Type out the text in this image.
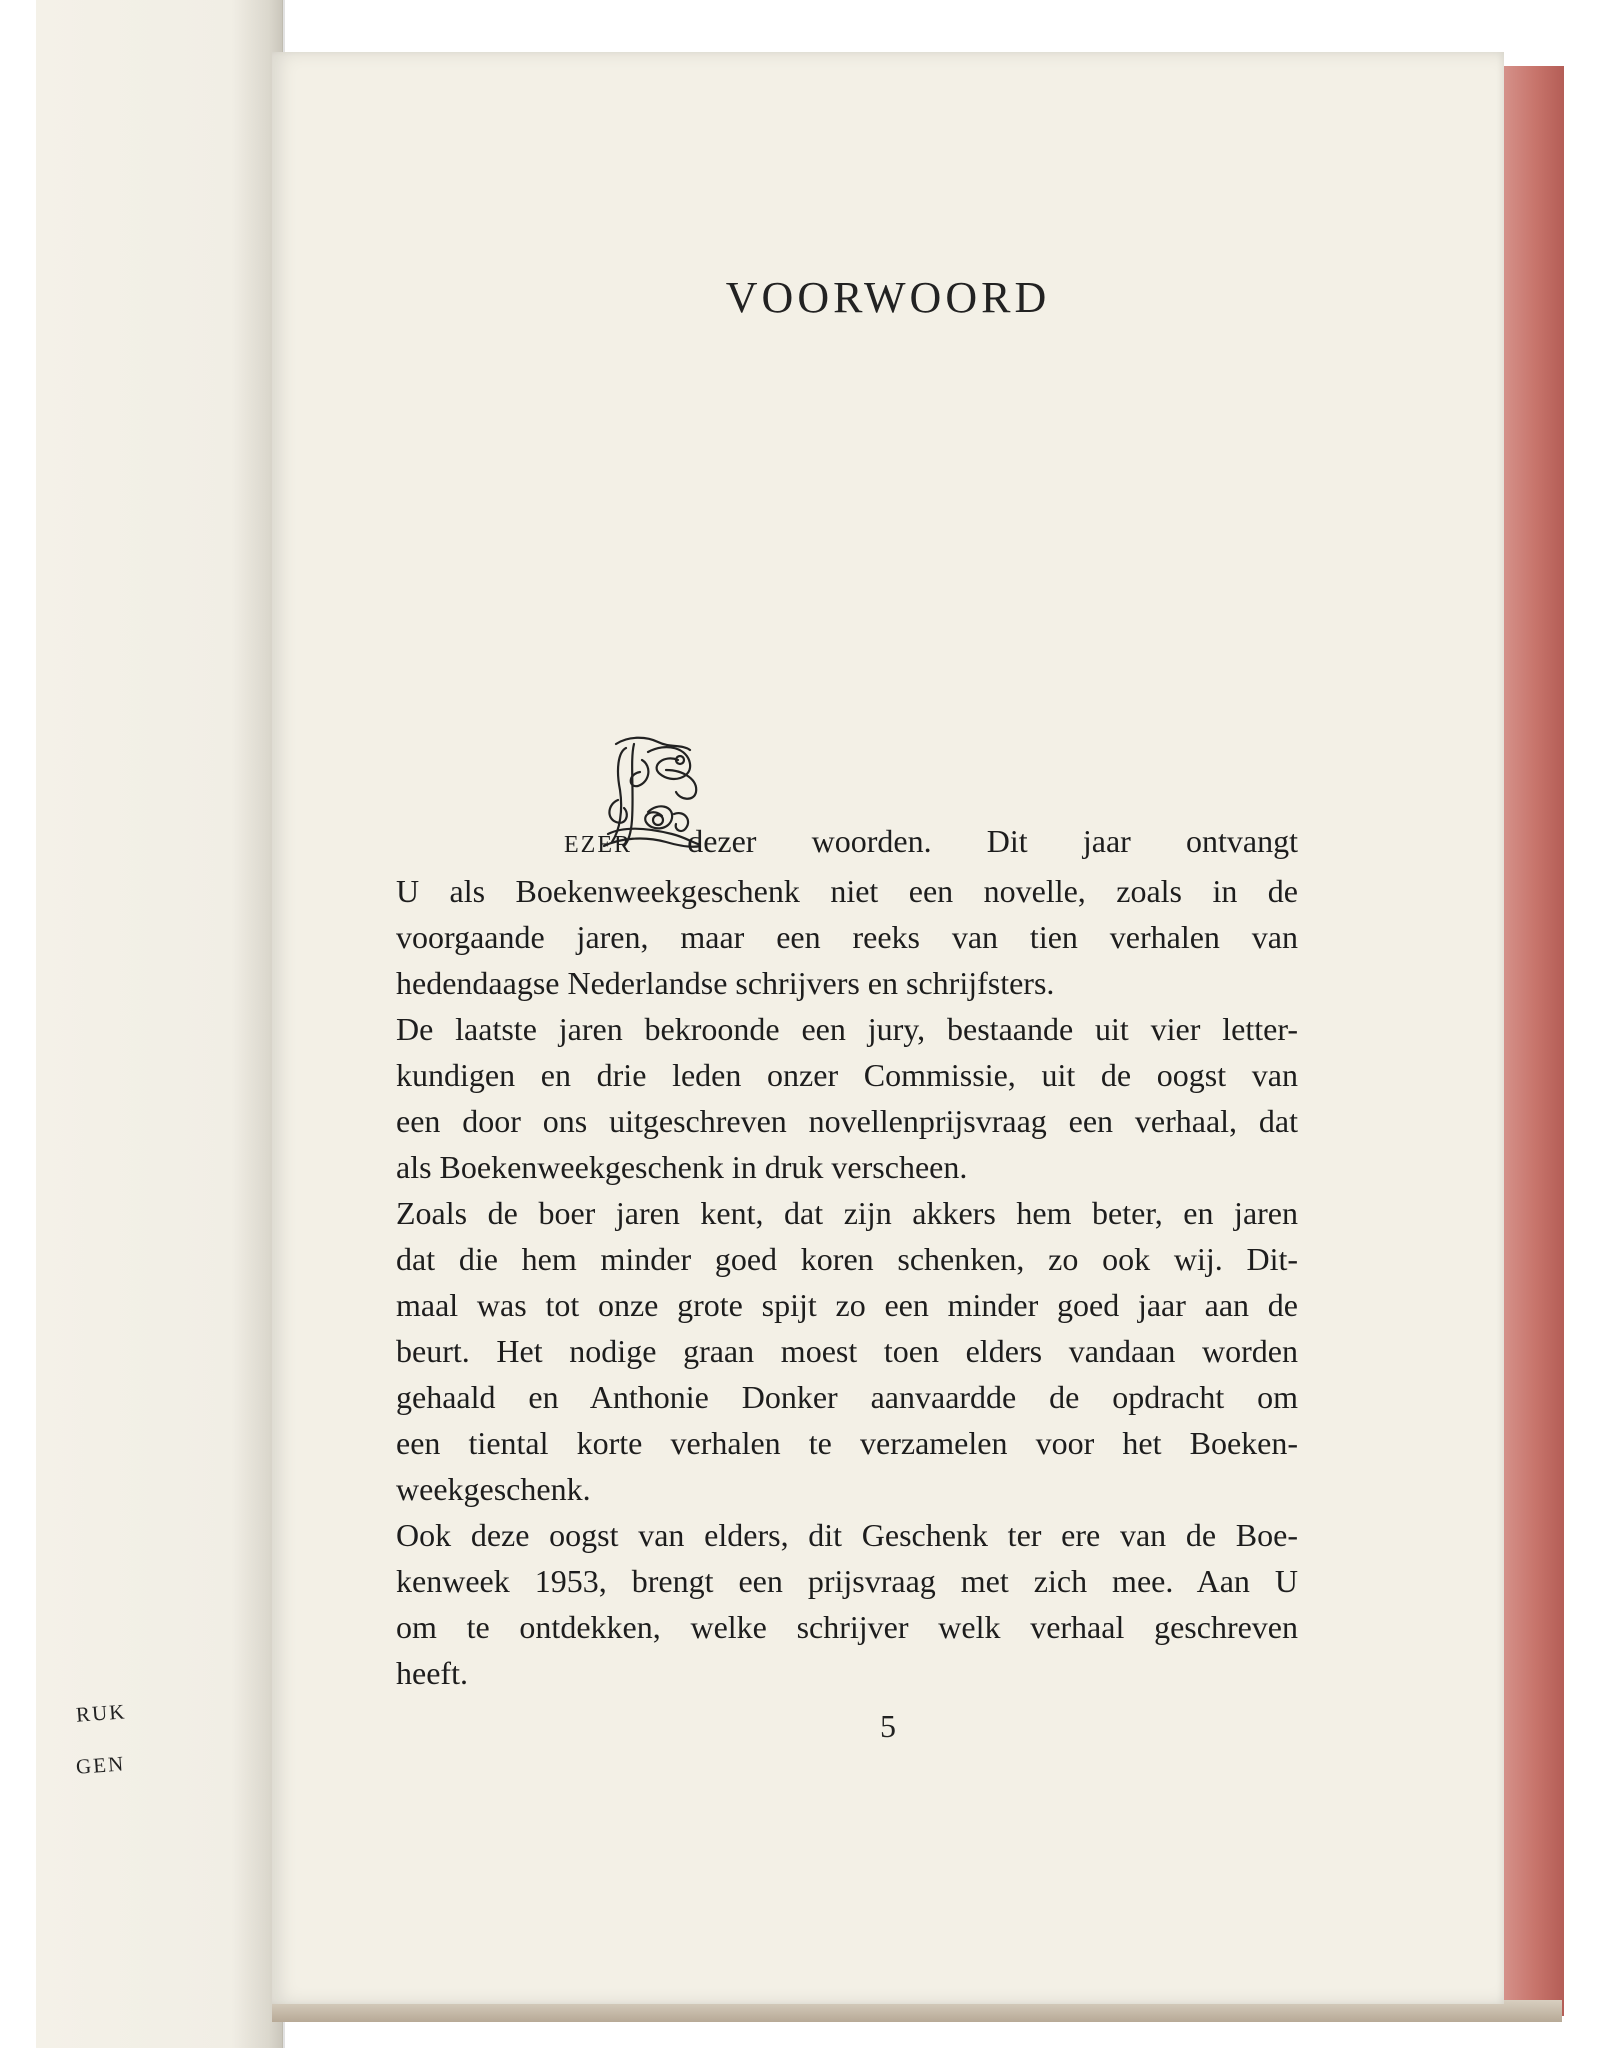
RUK
GEN
VOORWOORD
EZER dezer woorden. Dit jaar ontvangt
U als Boekenweekgeschenk niet een novelle, zoals in de
voorgaande jaren, maar een reeks van tien verhalen van
hedendaagse Nederlandse schrijvers en schrijfsters.
De laatste jaren bekroonde een jury, bestaande uit vier letter-
kundigen en drie leden onzer Commissie, uit de oogst van
een door ons uitgeschreven novellenprijsvraag een verhaal, dat
als Boekenweekgeschenk in druk verscheen.
Zoals de boer jaren kent, dat zijn akkers hem beter, en jaren
dat die hem minder goed koren schenken, zo ook wij. Dit-
maal was tot onze grote spijt zo een minder goed jaar aan de
beurt. Het nodige graan moest toen elders vandaan worden
gehaald en Anthonie Donker aanvaardde de opdracht om
een tiental korte verhalen te verzamelen voor het Boeken-
weekgeschenk.
Ook deze oogst van elders, dit Geschenk ter ere van de Boe-
kenweek 1953, brengt een prijsvraag met zich mee. Aan U
om te ontdekken, welke schrijver welk verhaal geschreven
heeft.
5
